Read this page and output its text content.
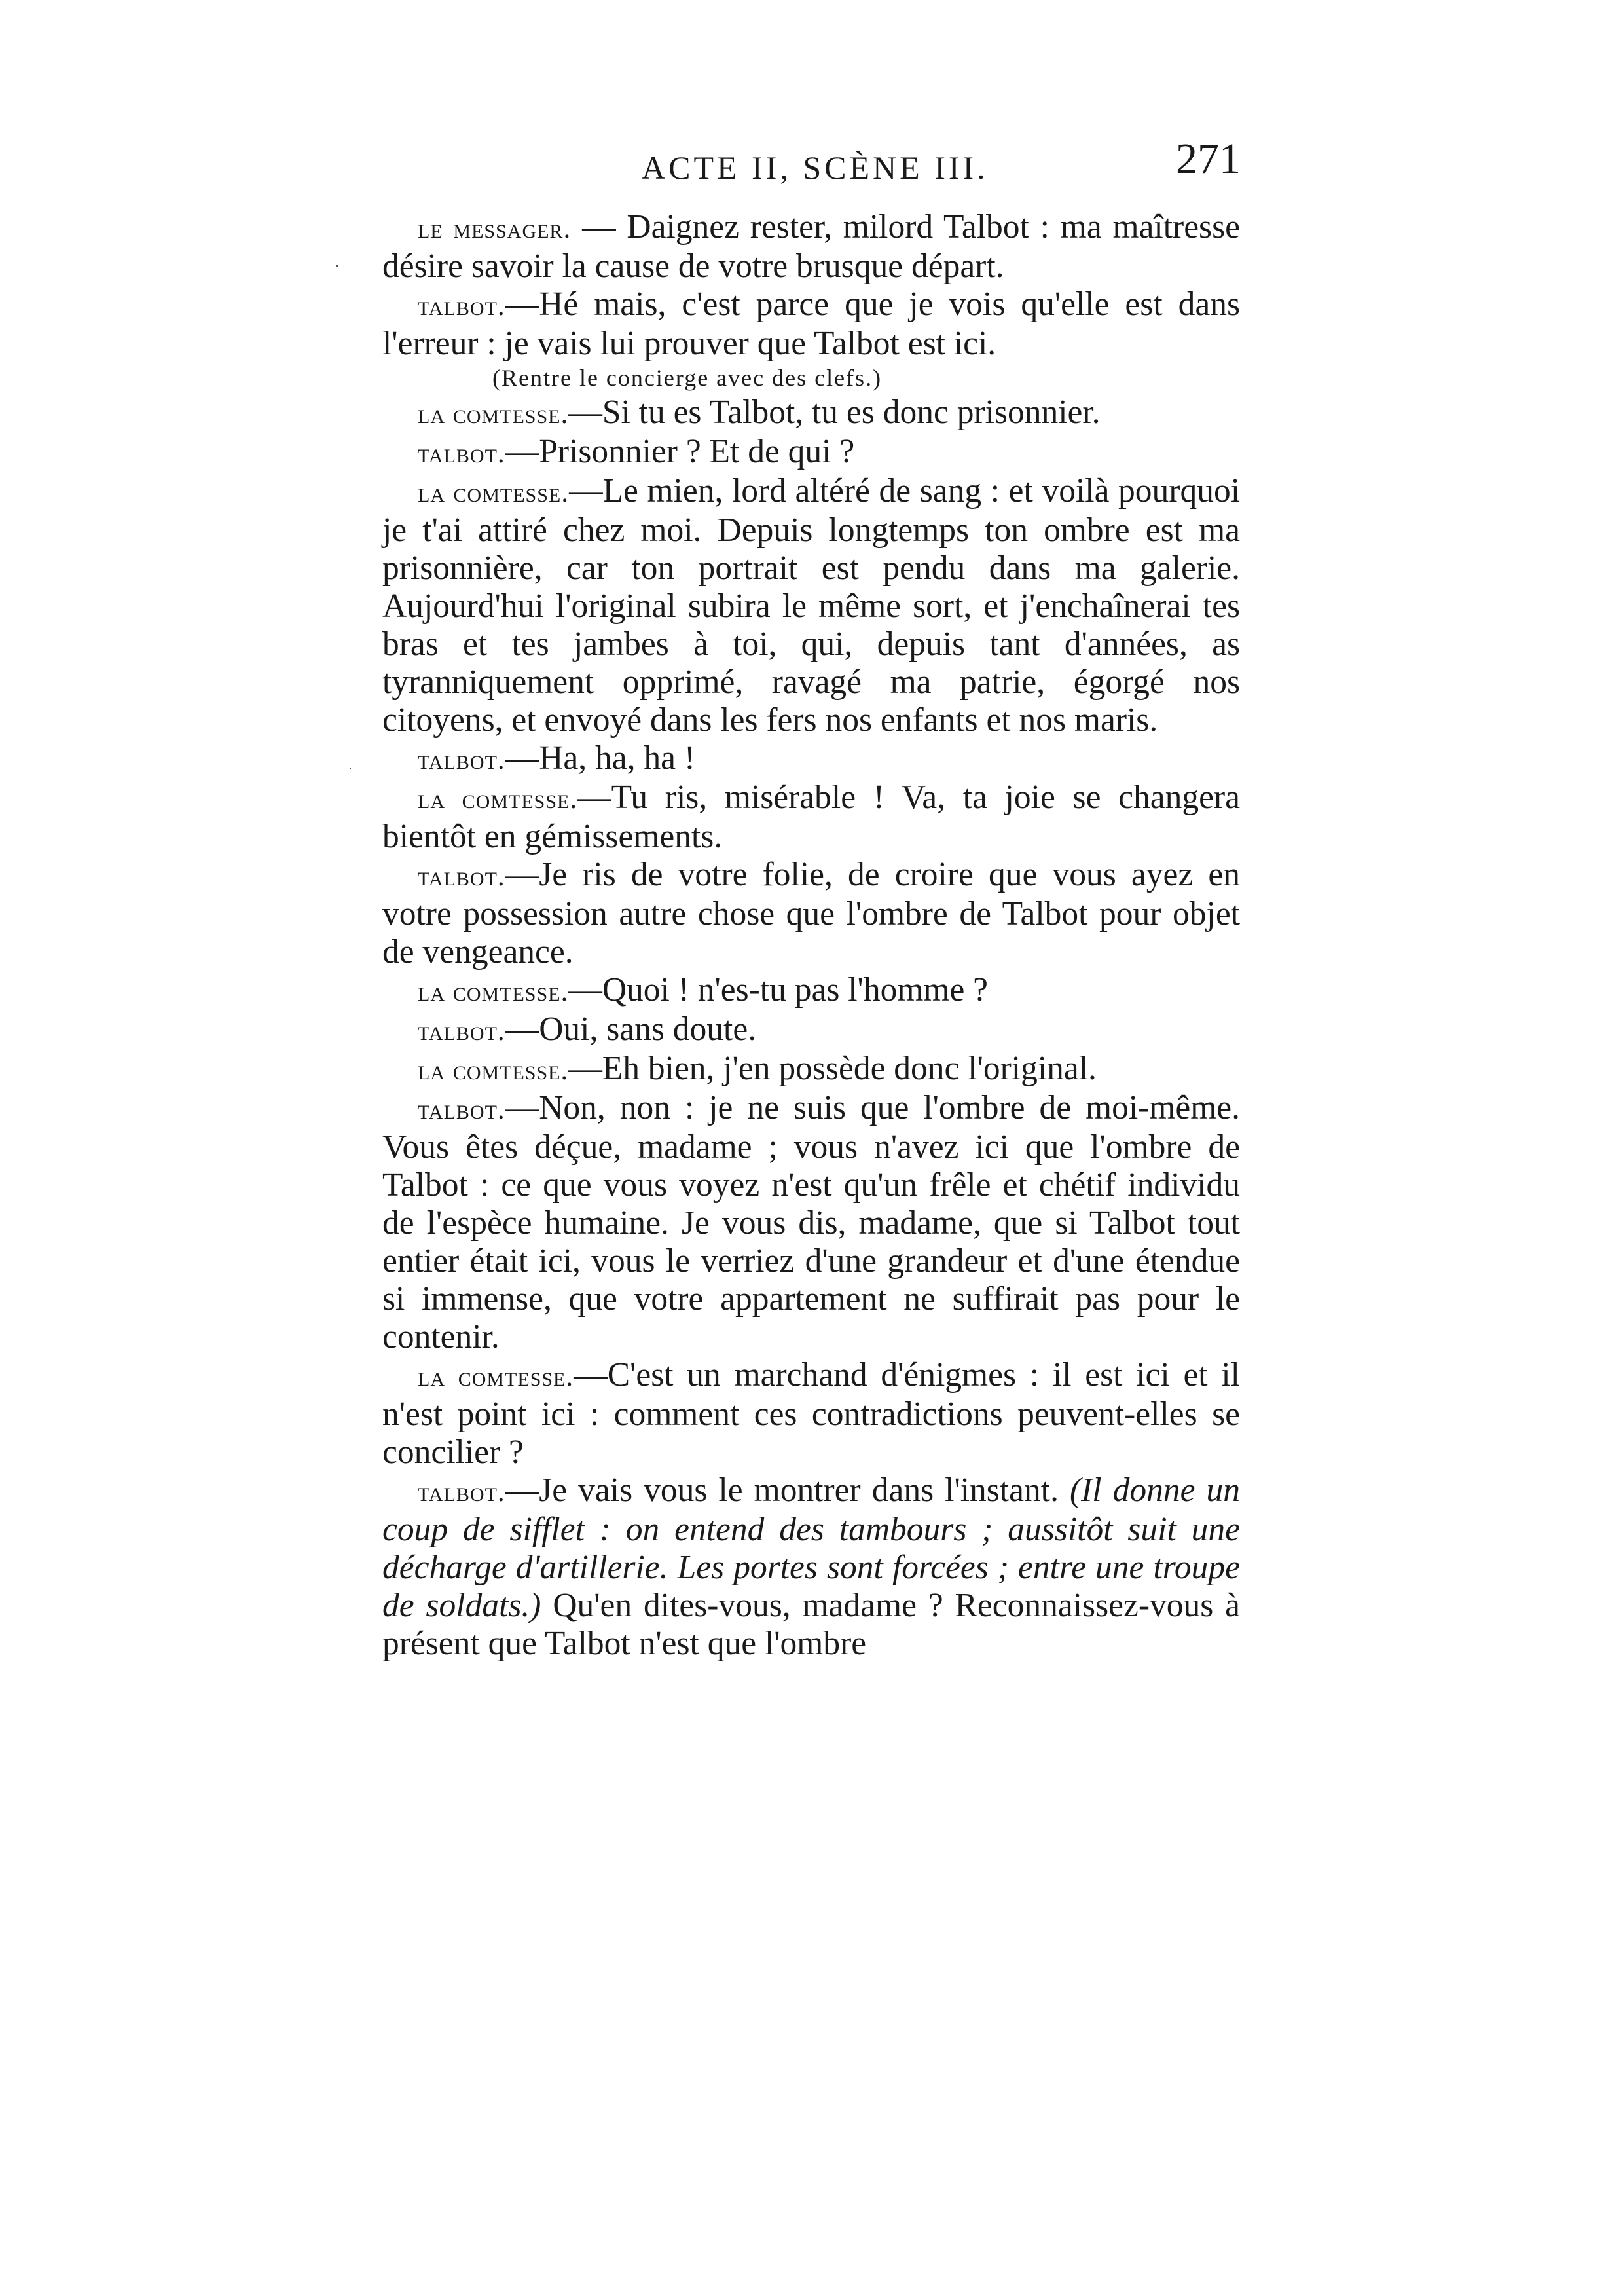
ACTE II, SCÈNE III.	271

le messager. — Daignez rester, milord Talbot : ma maîtresse désire savoir la cause de votre brusque départ.

talbot.—Hé mais, c'est parce que je vois qu'elle est dans l'erreur : je vais lui prouver que Talbot est ici.

(Rentre le concierge avec des clefs.)

la comtesse.—Si tu es Talbot, tu es donc prisonnier.

talbot.—Prisonnier ? Et de qui ?

la comtesse.—Le mien, lord altéré de sang : et voilà pourquoi je t'ai attiré chez moi. Depuis longtemps ton ombre est ma prisonnière, car ton portrait est pendu dans ma galerie. Aujourd'hui l'original subira le même sort, et j'enchaînerai tes bras et tes jambes à toi, qui, depuis tant d'années, as tyranniquement opprimé, ravagé ma patrie, égorgé nos citoyens, et envoyé dans les fers nos enfants et nos maris.

talbot.—Ha, ha, ha !

la comtesse.—Tu ris, misérable ! Va, ta joie se changera bientôt en gémissements.

talbot.—Je ris de votre folie, de croire que vous ayez en votre possession autre chose que l'ombre de Talbot pour objet de vengeance.

la comtesse.—Quoi ! n'es-tu pas l'homme ?

talbot.—Oui, sans doute.

la comtesse.—Eh bien, j'en possède donc l'original.

talbot.—Non, non : je ne suis que l'ombre de moi-même. Vous êtes déçue, madame ; vous n'avez ici que l'ombre de Talbot : ce que vous voyez n'est qu'un frêle et chétif individu de l'espèce humaine. Je vous dis, madame, que si Talbot tout entier était ici, vous le verriez d'une grandeur et d'une étendue si immense, que votre appartement ne suffirait pas pour le contenir.

la comtesse.—C'est un marchand d'énigmes : il est ici et il n'est point ici : comment ces contradictions peuvent-elles se concilier ?

talbot.—Je vais vous le montrer dans l'instant. (Il donne un coup de sifflet : on entend des tambours ; aussitôt suit une décharge d'artillerie. Les portes sont forcées ; entre une troupe de soldats.) Qu'en dites-vous, madame ? Reconnaissez-vous à présent que Talbot n'est que l'ombre
